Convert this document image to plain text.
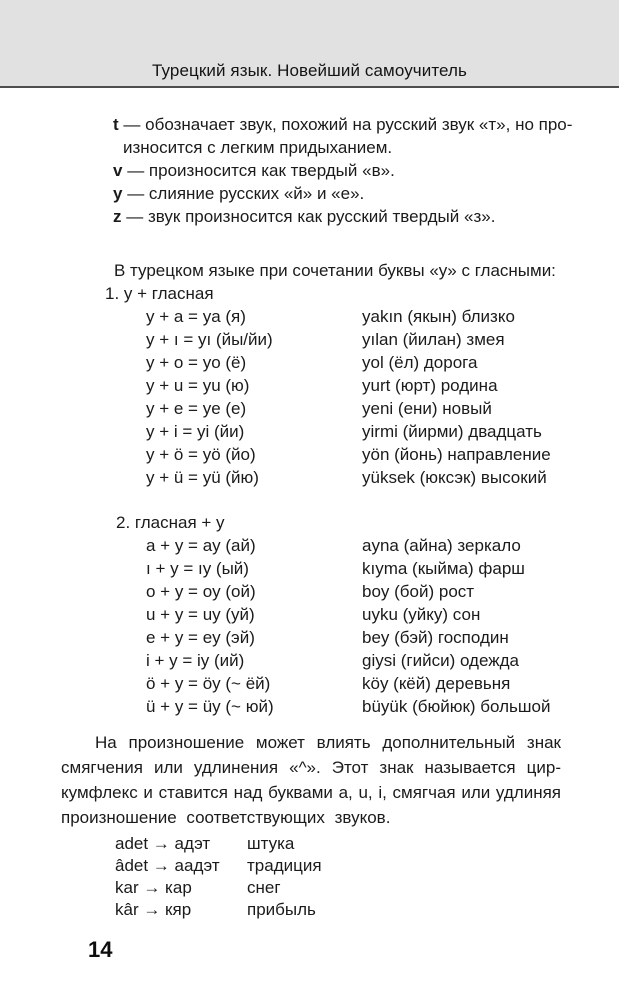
Турецкий язык. Новейший самоучитель
t — обозначает звук, похожий на русский звук «т», но про-
износится с легким придыханием.
v — произносится как твердый «в».
y — слияние русских «й» и «е».
z — звук произносится как русский твердый «з».
В турецком языке при сочетании буквы «y» с гласными:
1. y + гласная
y + a = ya (я)	yakın (якын) близко
y + ı = yı (йы/йи)	yılan (йилан) змея
y + o = yo (ё)	yol (ёл) дорога
y + u = yu (ю)	yurt (юрт) родина
y + e = ye (е)	yeni (ени) новый
y + i = yi (йи)	yirmi (йирми) двадцать
y + ö = yö (йо)	yön (йонь) направление
y + ü = yü (йю)	yüksek (юксэк) высокий
2. гласная + y
a + y = ay (ай)	ayna (айна) зеркало
ı + y = ıy (ый)	kıyma (кыйма) фарш
o + y = oy (ой)	boy (бой) рост
u + y = uy (уй)	uyku (уйку) сон
e + y = ey (эй)	bey (бэй) господин
i + y = iy (ий)	giysi (гийси) одежда
ö + y = öy (~ ёй)	köy (кёй) деревьня
ü + y = üy (~ юй)	büyük (бюйюк) большой
На произношение может влиять дополнительный знак
смягчения или удлинения «^». Этот знак называется цир-
кумфлекс и ставится над буквами a, u, i, смягчая или удлиняя
произношение соответствующих звуков.
adet → адэт	штука
âdet → аадэт	традиция
kar → кар	снег
kâr → кяр	прибыль
14
